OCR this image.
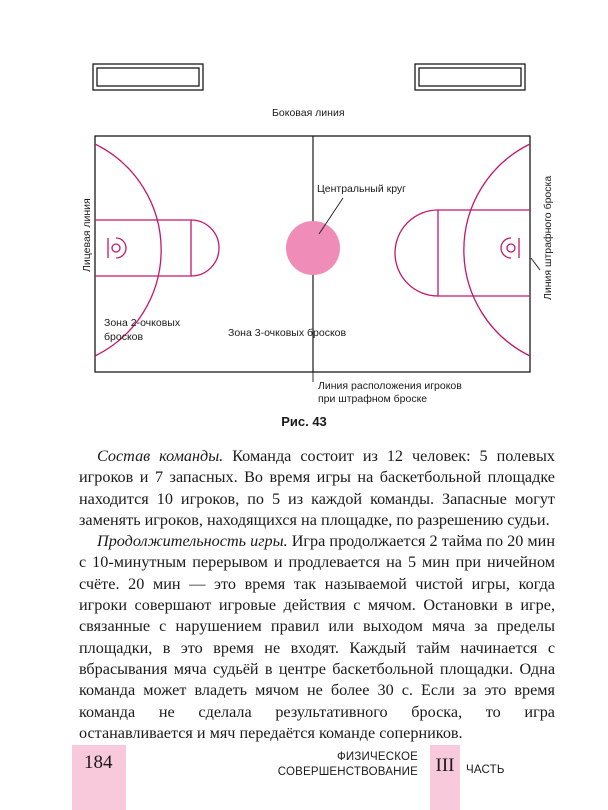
Боковая линия
Центральный круг
Лицевая линия	Линия штрафного броска
Зона 2-очковых
бросков	Зона 3-очковых бросков
Линия расположения игроков
при штрафном броске
Рис. 43

Состав команды. Команда состоит из 12 человек: 5 полевых игроков и 7 запасных. Во время игры на баскетбольной площадке находится 10 игроков, по 5 из каждой команды. Запасные могут заменять игроков, находящихся на площадке, по разрешению судьи.

Продолжительность игры. Игра продолжается 2 тайма по 20 мин с 10-минутным перерывом и продлевается на 5 мин при ничейном счёте. 20 мин — это время так называемой чистой игры, когда игроки совершают игровые действия с мячом. Остановки в игре, связанные с нарушением правил или выходом мяча за пределы площадки, в это время не входят. Каждый тайм начинается с вбрасывания мяча судьёй в центре баскетбольной площадки. Одна команда может владеть мячом не более 30 с. Если за это время команда не сделала результативного броска, то игра останавливается и мяч передаётся команде соперников.

184	ФИЗИЧЕСКОЕ
СОВЕРШЕНСТВОВАНИЕ III	ЧАСТЬ
